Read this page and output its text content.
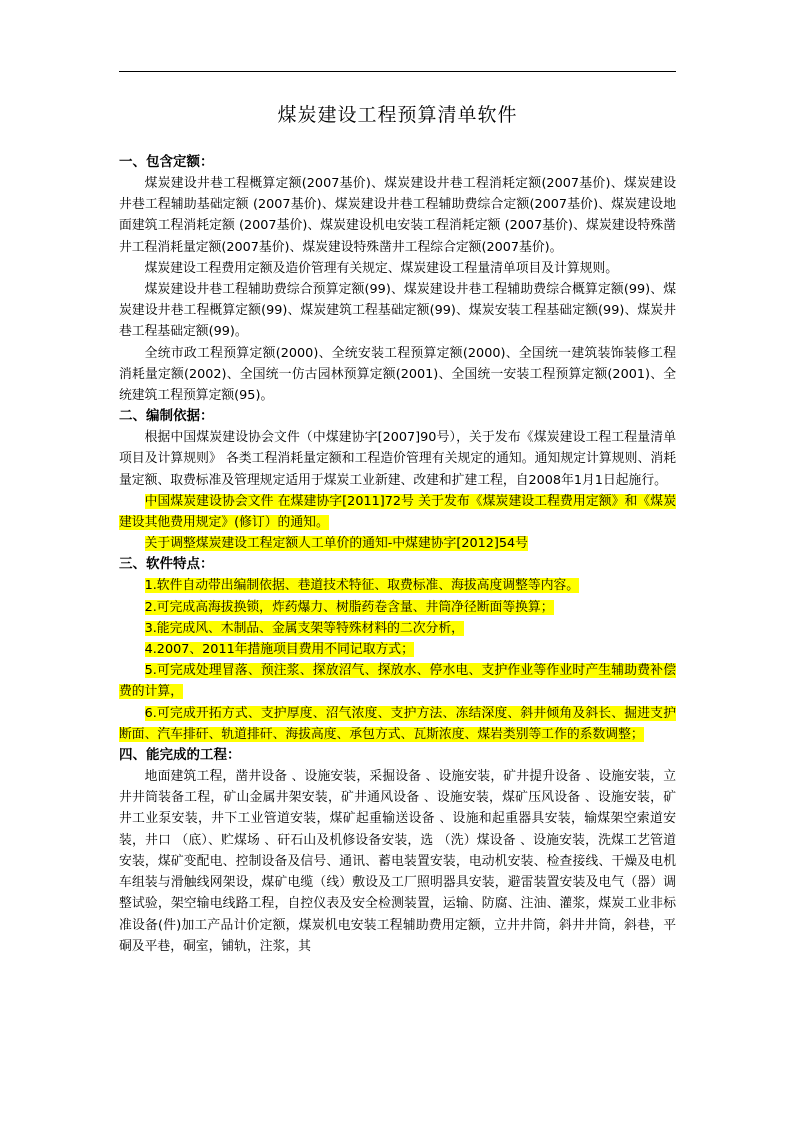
煤炭建设工程预算清单软件

一、包含定额：

煤炭建设井巷工程概算定额(2007基价)、煤炭建设井巷工程消耗定额(2007基价)、煤炭建设井巷工程辅助基础定额 (2007基价)、煤炭建设井巷工程辅助费综合定额(2007基价)、煤炭建设地面建筑工程消耗定额 (2007基价)、煤炭建设机电安装工程消耗定额 (2007基价)、煤炭建设特殊凿井工程消耗量定额(2007基价)、煤炭建设特殊凿井工程综合定额(2007基价)。

煤炭建设工程费用定额及造价管理有关规定、煤炭建设工程量清单项目及计算规则。

煤炭建设井巷工程辅助费综合预算定额(99)、煤炭建设井巷工程辅助费综合概算定额(99)、煤炭建设井巷工程概算定额(99)、煤炭建筑工程基础定额(99)、煤炭安装工程基础定额(99)、煤炭井巷工程基础定额(99)。

全统市政工程预算定额(2000)、全统安装工程预算定额(2000)、全国统一建筑装饰装修工程消耗量定额(2002)、全国统一仿古园林预算定额(2001)、全国统一安装工程预算定额(2001)、全统建筑工程预算定额(95)。

二、编制依据：

根据中国煤炭建设协会文件（中煤建协字[2007]90号），关于发布《煤炭建设工程工程量清单项目及计算规则》 各类工程消耗量定额和工程造价管理有关规定的通知。通知规定计算规则、消耗量定额、取费标准及管理规定适用于煤炭工业新建、改建和扩建工程，自2008年1月1日起施行。

中国煤炭建设协会文件 在煤建协字[2011]72号 关于发布《煤炭建设工程费用定额》和《煤炭建设其他费用规定》(修订）的通知。

关于调整煤炭建设工程定额人工单价的通知-中煤建协字[2012]54号

三、软件特点：

1.软件自动带出编制依据、巷道技术特征、取费标准、海拔高度调整等内容。

2.可完成高海拔换锁，炸药爆力、树脂药卷含量、井筒净径断面等换算；

3.能完成风、木制品、金属支架等特殊材料的二次分析，

4.2007、2011年措施项目费用不同记取方式；

5.可完成处理冒落、预注浆、探放沼气、探放水、停水电、支护作业等作业时产生辅助费补偿费的计算，

6.可完成开拓方式、支护厚度、沼气浓度、支护方法、冻结深度、斜井倾角及斜长、掘进支护断面、汽车排矸、轨道排矸、海拔高度、承包方式、瓦斯浓度、煤岩类别等工作的系数调整；

四、能完成的工程：

地面建筑工程，凿井设备 、设施安装，采掘设备 、设施安装，矿井提升设备 、设施安装，立井井筒装备工程，矿山金属井架安装，矿井通风设备 、设施安装，煤矿压风设备 、设施安装，矿井工业泵安装，井下工业管道安装，煤矿起重输送设备 、设施和起重器具安装，输煤架空索道安装，井口 （底）、贮煤场 、矸石山及机修设备安装，选 （洗）煤设备 、设施安装，洗煤工艺管道安装，煤矿变配电、控制设备及信号、通讯、蓄电装置安装，电动机安装、检查接线、干燥及电机车组装与滑触线网架设，煤矿电缆（线）敷设及工厂照明器具安装，避雷装置安装及电气（器）调整试验，架空输电线路工程，自控仪表及安全检测装置，运输、防腐、注油、灌浆，煤炭工业非标准设备(件)加工产品计价定额，煤炭机电安装工程辅助费用定额，立井井筒，斜井井筒，斜巷，平硐及平巷，硐室，铺轨，注浆，其
